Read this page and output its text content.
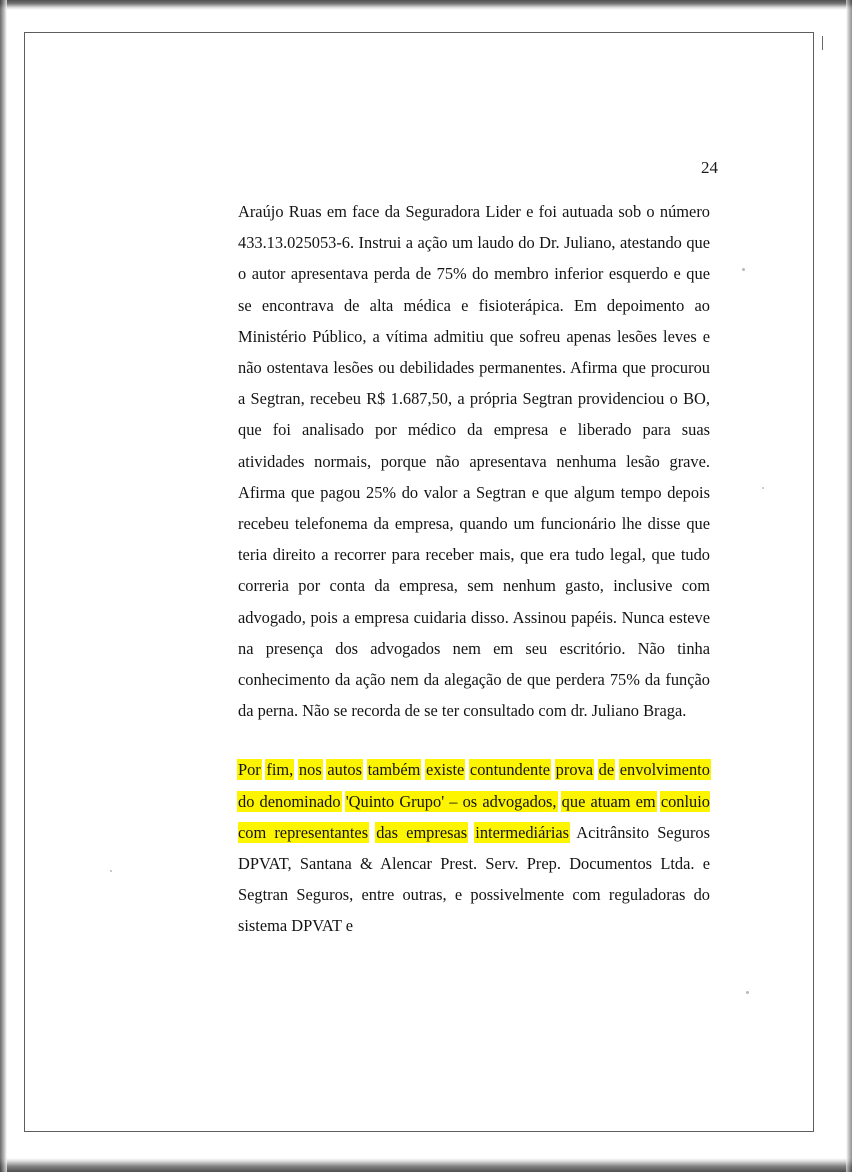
24

Araújo Ruas em face da Seguradora Lider e foi autuada sob o número 433.13.025053-6. Instrui a ação um laudo do Dr. Juliano, atestando que o autor apresentava perda de 75% do membro inferior esquerdo e que se encontrava de alta médica e fisioterápica. Em depoimento ao Ministério Público, a vítima admitiu que sofreu apenas lesões leves e não ostentava lesões ou debilidades permanentes. Afirma que procurou a Segtran, recebeu R$ 1.687,50, a própria Segtran providenciou o BO, que foi analisado por médico da empresa e liberado para suas atividades normais, porque não apresentava nenhuma lesão grave. Afirma que pagou 25% do valor a Segtran e que algum tempo depois recebeu telefonema da empresa, quando um funcionário lhe disse que teria direito a recorrer para receber mais, que era tudo legal, que tudo correria por conta da empresa, sem nenhum gasto, inclusive com advogado, pois a empresa cuidaria disso. Assinou papéis. Nunca esteve na presença dos advogados nem em seu escritório. Não tinha conhecimento da ação nem da alegação de que perdera 75% da função da perna. Não se recorda de se ter consultado com dr. Juliano Braga.

Por fim, nos autos também existe contundente prova de envolvimento do denominado 'Quinto Grupo' – os advogados, que atuam em conluio com representantes das empresas intermediárias Acitrânsito Seguros DPVAT, Santana & Alencar Prest. Serv. Prep. Documentos Ltda. e Segtran Seguros, entre outras, e possivelmente com reguladoras do sistema DPVAT e
